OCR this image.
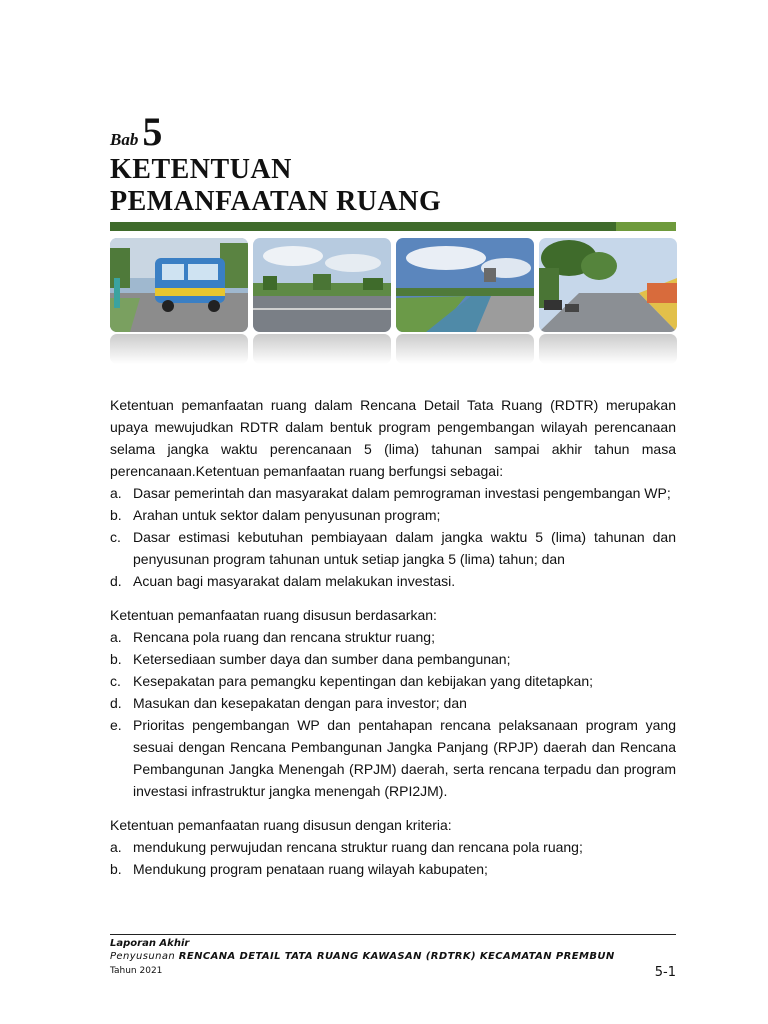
Bab 5
KETENTUAN
PEMANFAATAN RUANG
Ketentuan pemanfaatan ruang dalam Rencana Detail Tata Ruang (RDTR) merupakan upaya mewujudkan RDTR dalam bentuk program pengembangan wilayah perencanaan selama jangka waktu perencanaan 5 (lima) tahunan sampai akhir tahun masa perencanaan.Ketentuan pemanfaatan ruang berfungsi sebagai:
a. Dasar pemerintah dan masyarakat dalam pemrograman investasi pengembangan WP;
b. Arahan untuk sektor dalam penyusunan program;
c. Dasar estimasi kebutuhan pembiayaan dalam jangka waktu 5 (lima) tahunan dan penyusunan program tahunan untuk setiap jangka 5 (lima) tahun; dan
d. Acuan bagi masyarakat dalam melakukan investasi.
Ketentuan pemanfaatan ruang disusun berdasarkan:
a. Rencana pola ruang dan rencana struktur ruang;
b. Ketersediaan sumber daya dan sumber dana pembangunan;
c. Kesepakatan para pemangku kepentingan dan kebijakan yang ditetapkan;
d. Masukan dan kesepakatan dengan para investor; dan
e. Prioritas pengembangan WP dan pentahapan rencana pelaksanaan program yang sesuai dengan Rencana Pembangunan Jangka Panjang (RPJP) daerah dan Rencana Pembangunan Jangka Menengah (RPJM) daerah, serta rencana terpadu dan program investasi infrastruktur jangka menengah (RPI2JM).
Ketentuan pemanfaatan ruang disusun dengan kriteria:
a. mendukung perwujudan rencana struktur ruang dan rencana pola ruang;
b. Mendukung program penataan ruang wilayah kabupaten;
Laporan Akhir
Penyusunan RENCANA DETAIL TATA RUANG KAWASAN (RDTRK) KECAMATAN PREMBUN
Tahun 2021	5-1
